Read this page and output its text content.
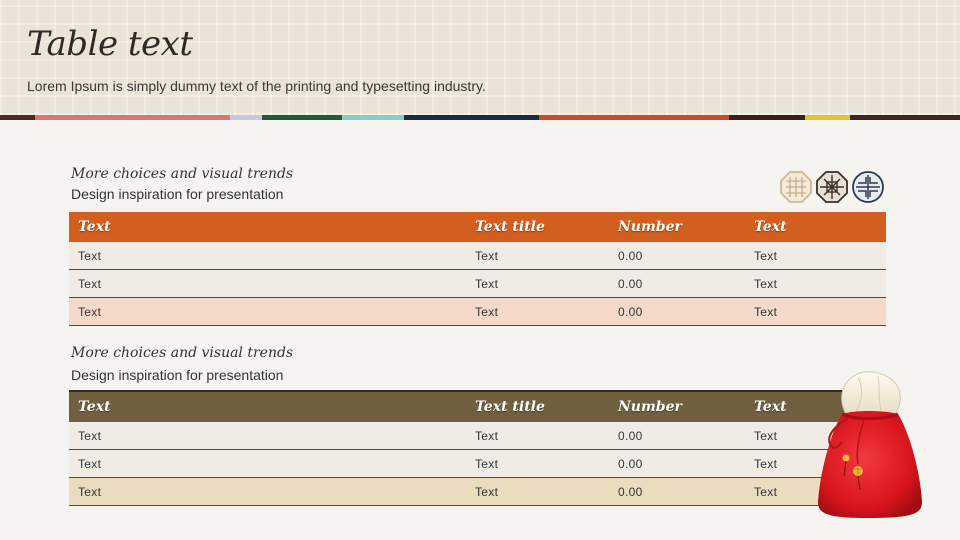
Table text
Lorem Ipsum is simply dummy text of the printing and typesetting industry.
More choices and visual trends
Design inspiration for presentation
Text	Text title	Number	Text
Text	Text	0.00	Text
Text	Text	0.00	Text
Text	Text	0.00	Text
More choices and visual trends
Design inspiration for presentation
Text	Text title	Number	Text
Text	Text	0.00	Text
Text	Text	0.00	Text
Text	Text	0.00	Text
